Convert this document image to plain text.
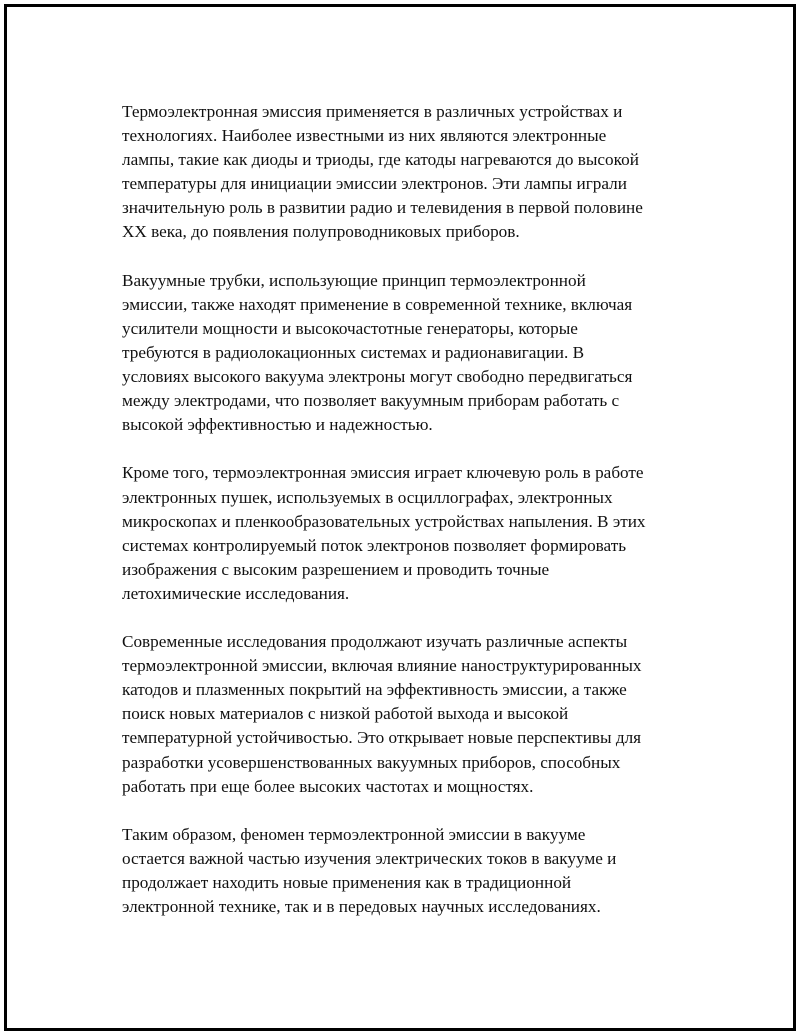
Термоэлектронная эмиссия применяется в различных устройствах и
технологиях. Наиболее известными из них являются электронные
лампы, такие как диоды и триоды, где катоды нагреваются до высокой
температуры для инициации эмиссии электронов. Эти лампы играли
значительную роль в развитии радио и телевидения в первой половине
XX века, до появления полупроводниковых приборов.

Вакуумные трубки, использующие принцип термоэлектронной
эмиссии, также находят применение в современной технике, включая
усилители мощности и высокочастотные генераторы, которые
требуются в радиолокационных системах и радионавигации. В
условиях высокого вакуума электроны могут свободно передвигаться
между электродами, что позволяет вакуумным приборам работать с
высокой эффективностью и надежностью.

Кроме того, термоэлектронная эмиссия играет ключевую роль в работе
электронных пушек, используемых в осциллографах, электронных
микроскопах и пленкообразовательных устройствах напыления. В этих
системах контролируемый поток электронов позволяет формировать
изображения с высоким разрешением и проводить точные
летохимические исследования.

Современные исследования продолжают изучать различные аспекты
термоэлектронной эмиссии, включая влияние наноструктурированных
катодов и плазменных покрытий на эффективность эмиссии, а также
поиск новых материалов с низкой работой выхода и высокой
температурной устойчивостью. Это открывает новые перспективы для
разработки усовершенствованных вакуумных приборов, способных
работать при еще более высоких частотах и мощностях.

Таким образом, феномен термоэлектронной эмиссии в вакууме
остается важной частью изучения электрических токов в вакууме и
продолжает находить новые применения как в традиционной
электронной технике, так и в передовых научных исследованиях.
